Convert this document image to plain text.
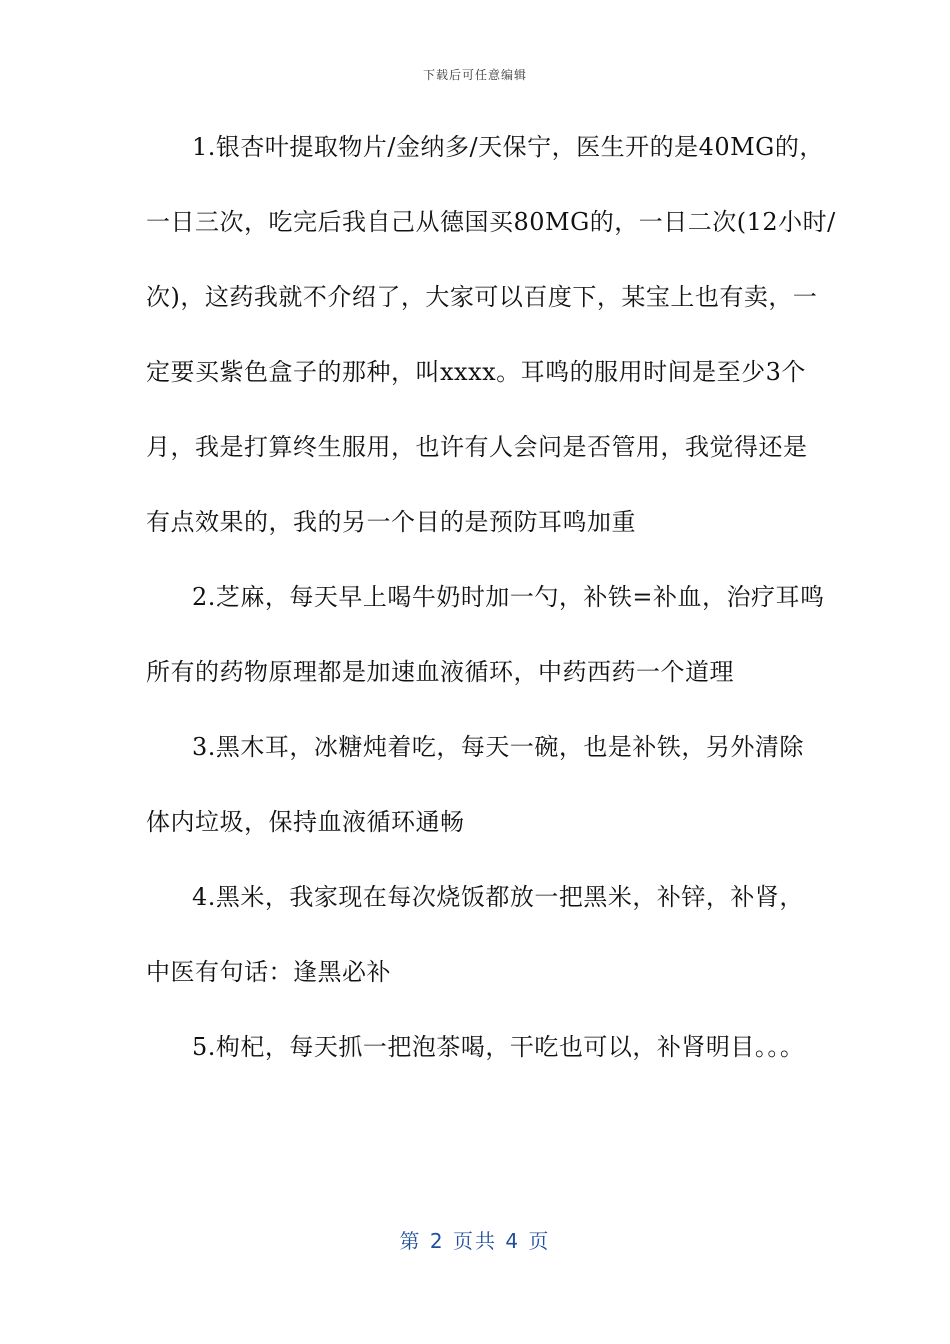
下载后可任意编辑
1.银杏叶提取物片/金纳多/天保宁，医生开的是40MG的，
一日三次，吃完后我自己从德国买80MG的，一日二次(12小时/
次)，这药我就不介绍了，大家可以百度下，某宝上也有卖，一
定要买紫色盒子的那种，叫xxxx。耳鸣的服用时间是至少3个
月，我是打算终生服用，也许有人会问是否管用，我觉得还是
有点效果的，我的另一个目的是预防耳鸣加重
2.芝麻，每天早上喝牛奶时加一勺，补铁=补血，治疗耳鸣
所有的药物原理都是加速血液循环，中药西药一个道理
3.黑木耳，冰糖炖着吃，每天一碗，也是补铁，另外清除
体内垃圾，保持血液循环通畅
4.黑米，我家现在每次烧饭都放一把黑米，补锌，补肾，
中医有句话：逢黑必补
5.枸杞，每天抓一把泡茶喝，干吃也可以，补肾明目。。。
第 2 页共 4 页
